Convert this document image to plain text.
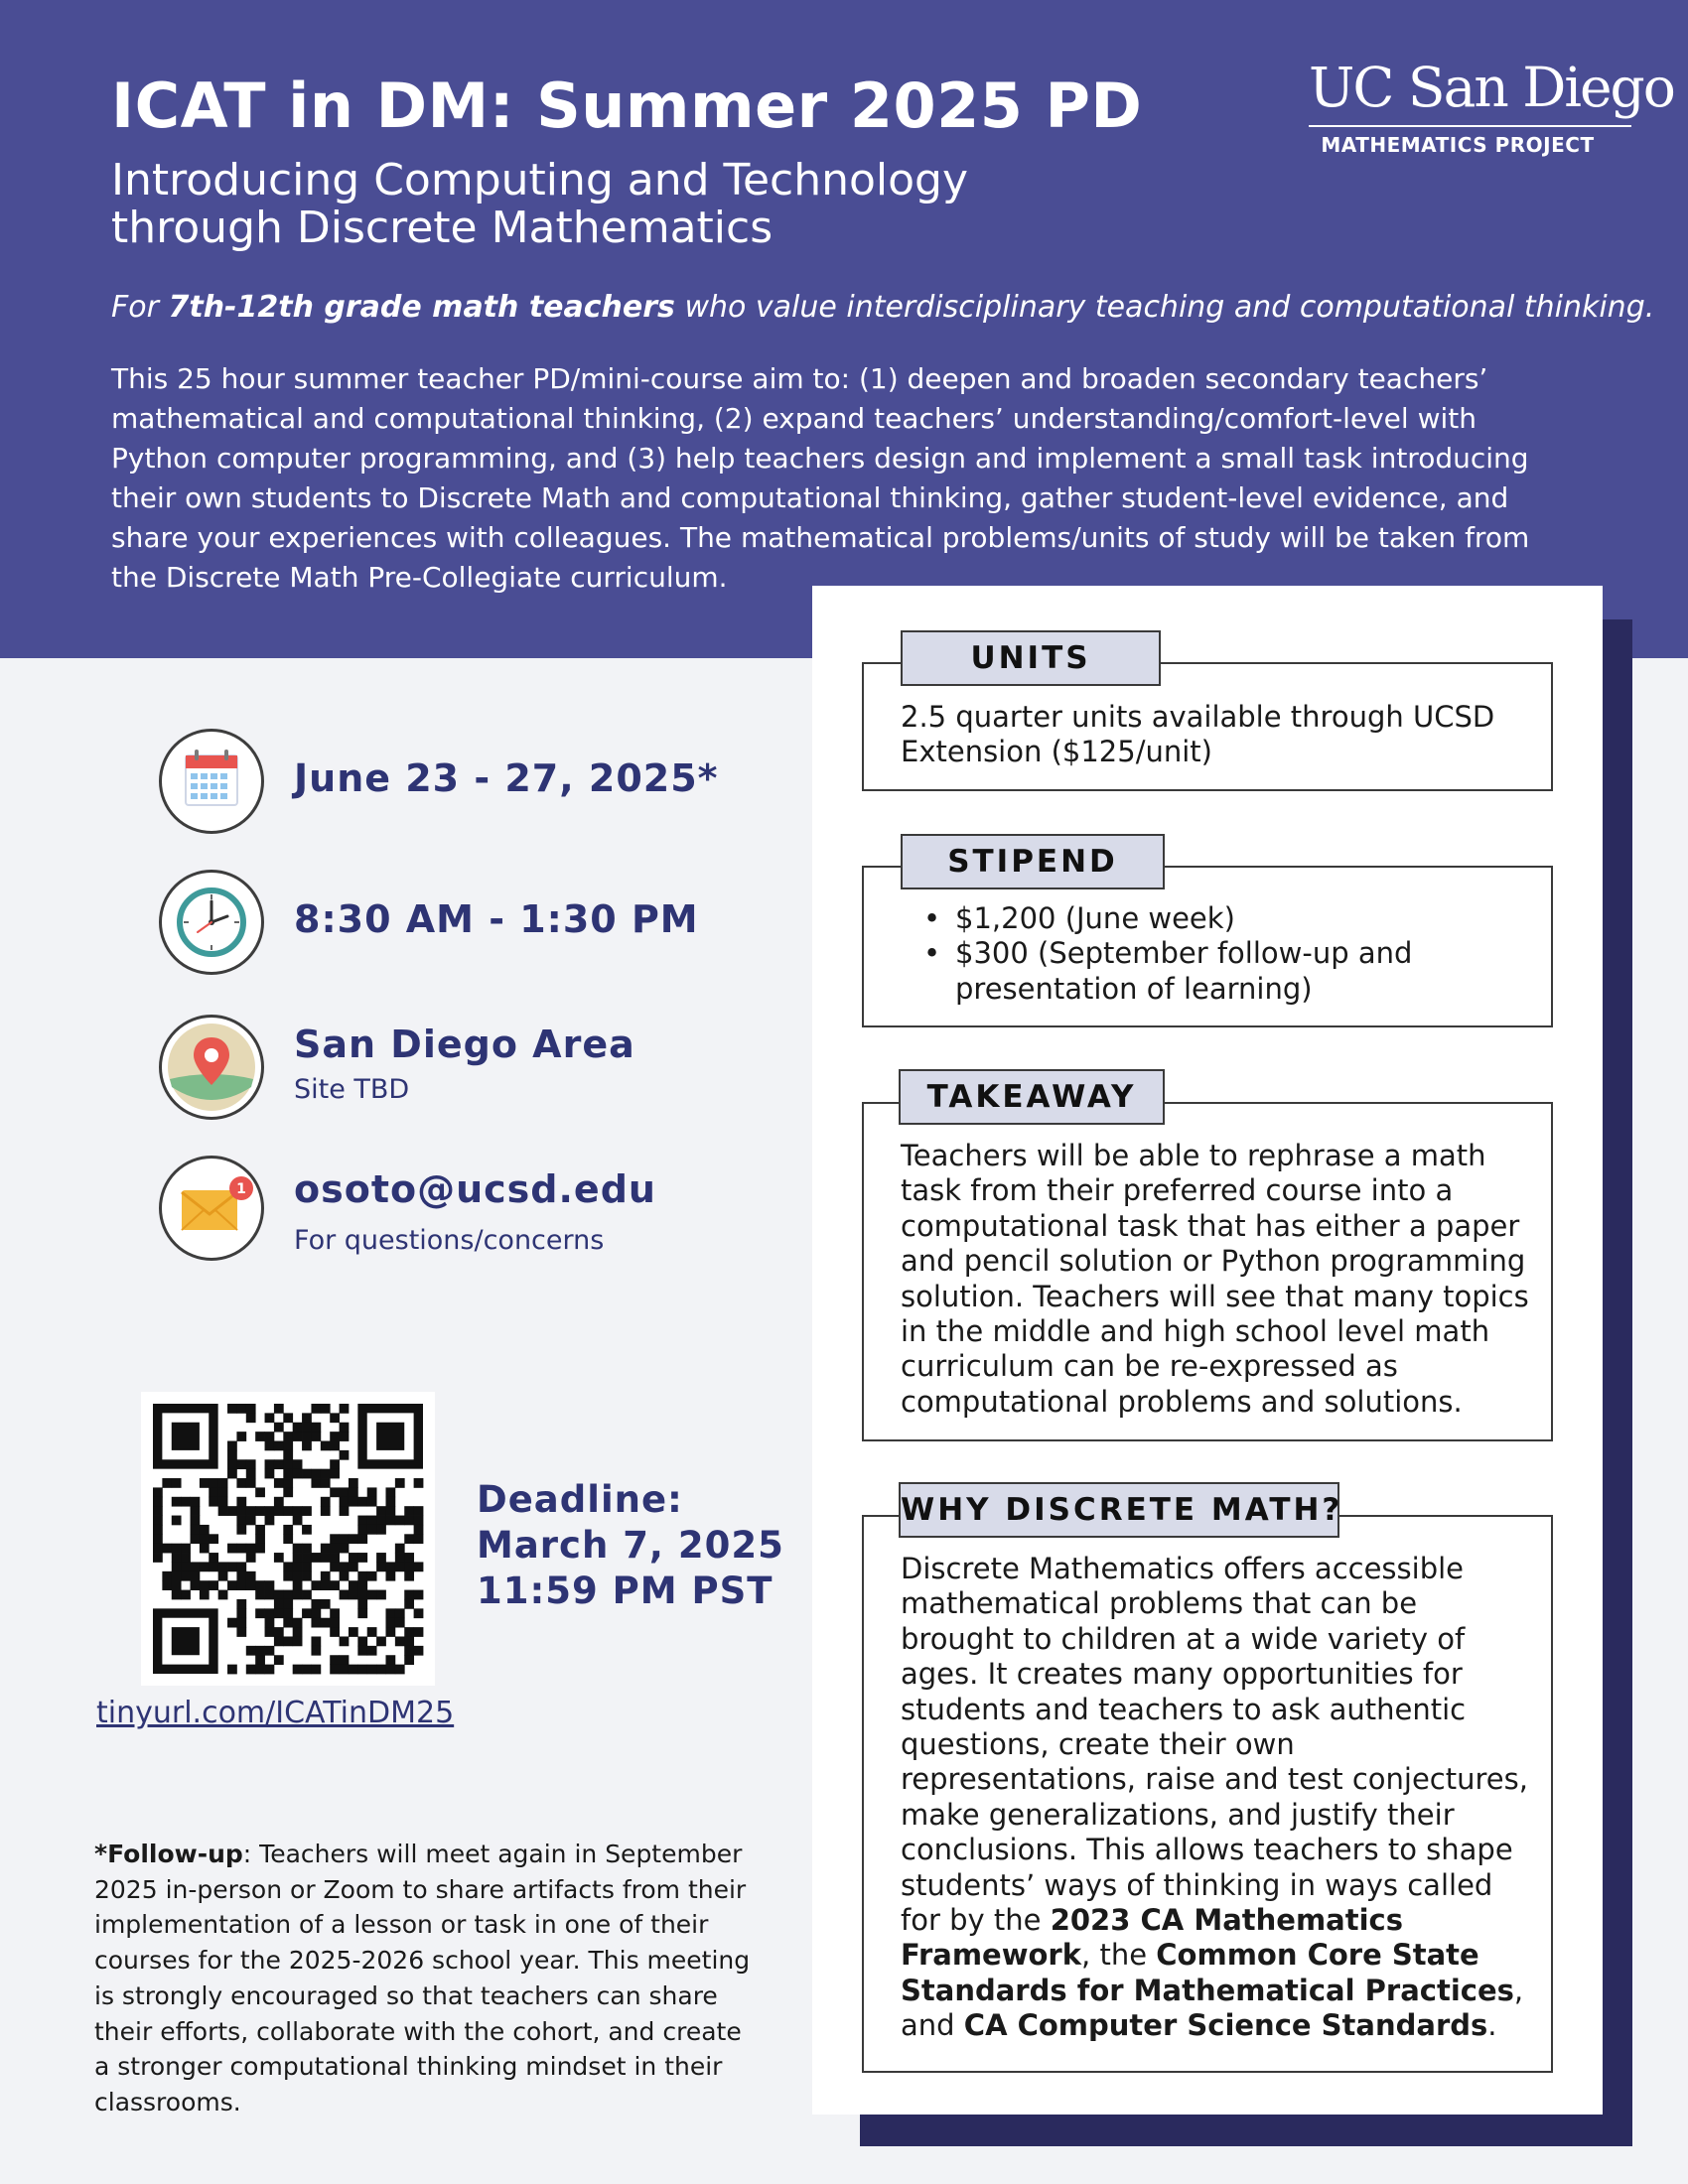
ICAT in DM: Summer 2025 PD
Introducing Computing and Technology
through Discrete Mathematics
UC San Diego
MATHEMATICS PROJECT
For 7th-12th grade math teachers who value interdisciplinary teaching and computational thinking.
This 25 hour summer teacher PD/mini-course aim to: (1) deepen and broaden secondary teachers’
mathematical and computational thinking, (2) expand teachers’ understanding/comfort-level with
Python computer programming, and (3) help teachers design and implement a small task introducing
their own students to Discrete Math and computational thinking, gather student-level evidence, and
share your experiences with colleagues. The mathematical problems/units of study will be taken from
the Discrete Math Pre-Collegiate curriculum.
June 23 - 27, 2025*
8:30 AM - 1:30 PM
San Diego Area
Site TBD
1 osoto@ucsd.edu
For questions/concerns
Deadline:
March 7, 2025
11:59 PM PST
tinyurl.com/ICATinDM25
*Follow-up: Teachers will meet again in September
2025 in-person or Zoom to share artifacts from their
implementation of a lesson or task in one of their
courses for the 2025-2026 school year. This meeting
is strongly encouraged so that teachers can share
their efforts, collaborate with the cohort, and create
a stronger computational thinking mindset in their
classrooms.
UNITS
2.5 quarter units available through UCSD
Extension ($125/unit)
STIPEND
• $1,200 (June week)
• $300 (September follow-up and
presentation of learning)
TAKEAWAY
Teachers will be able to rephrase a math
task from their preferred course into a
computational task that has either a paper
and pencil solution or Python programming
solution. Teachers will see that many topics
in the middle and high school level math
curriculum can be re-expressed as
computational problems and solutions.
WHY DISCRETE MATH?
Discrete Mathematics offers accessible
mathematical problems that can be
brought to children at a wide variety of
ages. It creates many opportunities for
students and teachers to ask authentic
questions, create their own
representations, raise and test conjectures,
make generalizations, and justify their
conclusions. This allows teachers to shape
students’ ways of thinking in ways called
for by the 2023 CA Mathematics
Framework, the Common Core State
Standards for Mathematical Practices,
and CA Computer Science Standards.
